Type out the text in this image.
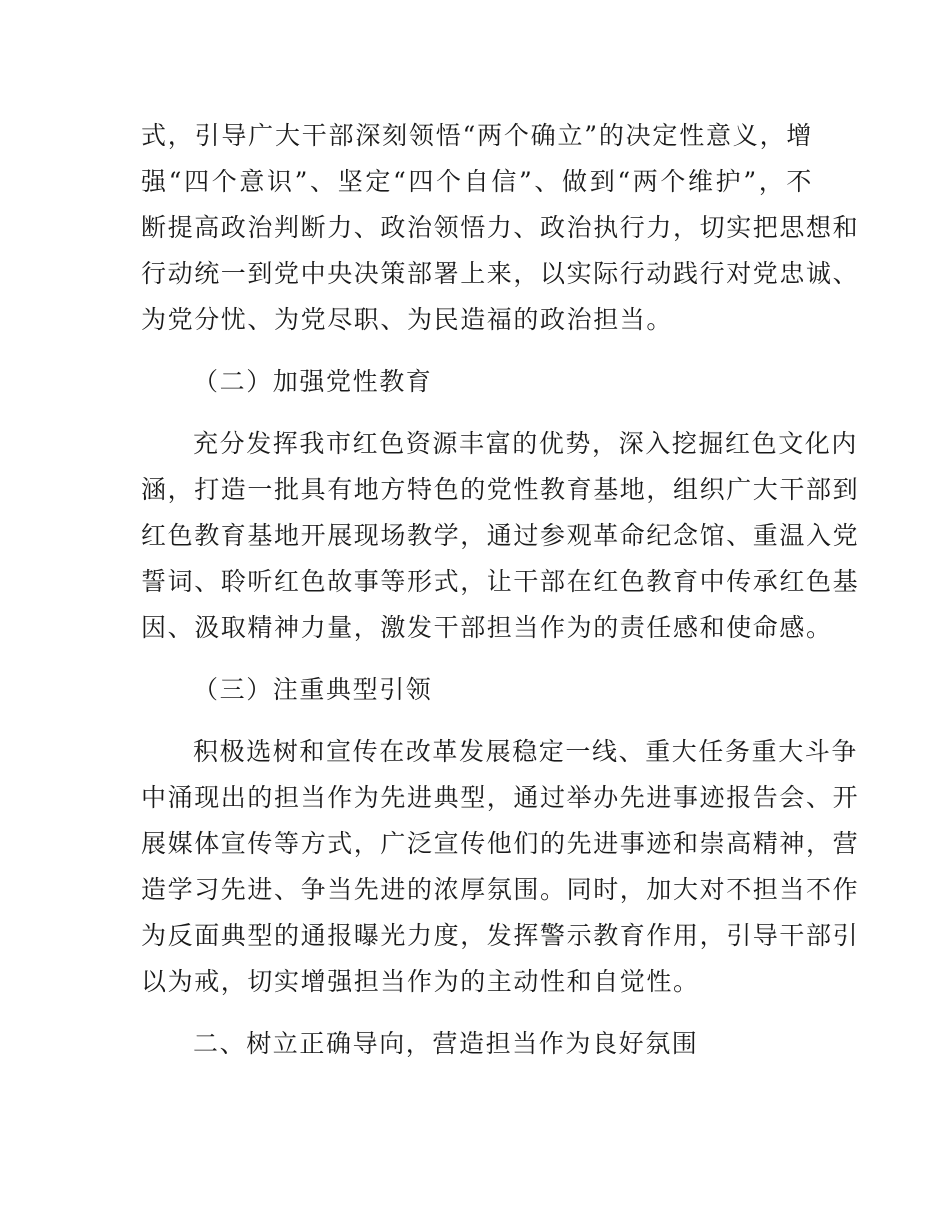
式，引导广大干部深刻领悟“两个确立”的决定性意义，增
强“四个意识”、坚定“四个自信”、做到“两个维护”，不
断提高政治判断力、政治领悟力、政治执行力，切实把思想和
行动统一到党中央决策部署上来，以实际行动践行对党忠诚、
为党分忧、为党尽职、为民造福的政治担当。
（二）加强党性教育
充分发挥我市红色资源丰富的优势，深入挖掘红色文化内
涵，打造一批具有地方特色的党性教育基地，组织广大干部到
红色教育基地开展现场教学，通过参观革命纪念馆、重温入党
誓词、聆听红色故事等形式，让干部在红色教育中传承红色基
因、汲取精神力量，激发干部担当作为的责任感和使命感。
（三）注重典型引领
积极选树和宣传在改革发展稳定一线、重大任务重大斗争
中涌现出的担当作为先进典型，通过举办先进事迹报告会、开
展媒体宣传等方式，广泛宣传他们的先进事迹和崇高精神，营
造学习先进、争当先进的浓厚氛围。同时，加大对不担当不作
为反面典型的通报曝光力度，发挥警示教育作用，引导干部引
以为戒，切实增强担当作为的主动性和自觉性。
二、树立正确导向，营造担当作为良好氛围
